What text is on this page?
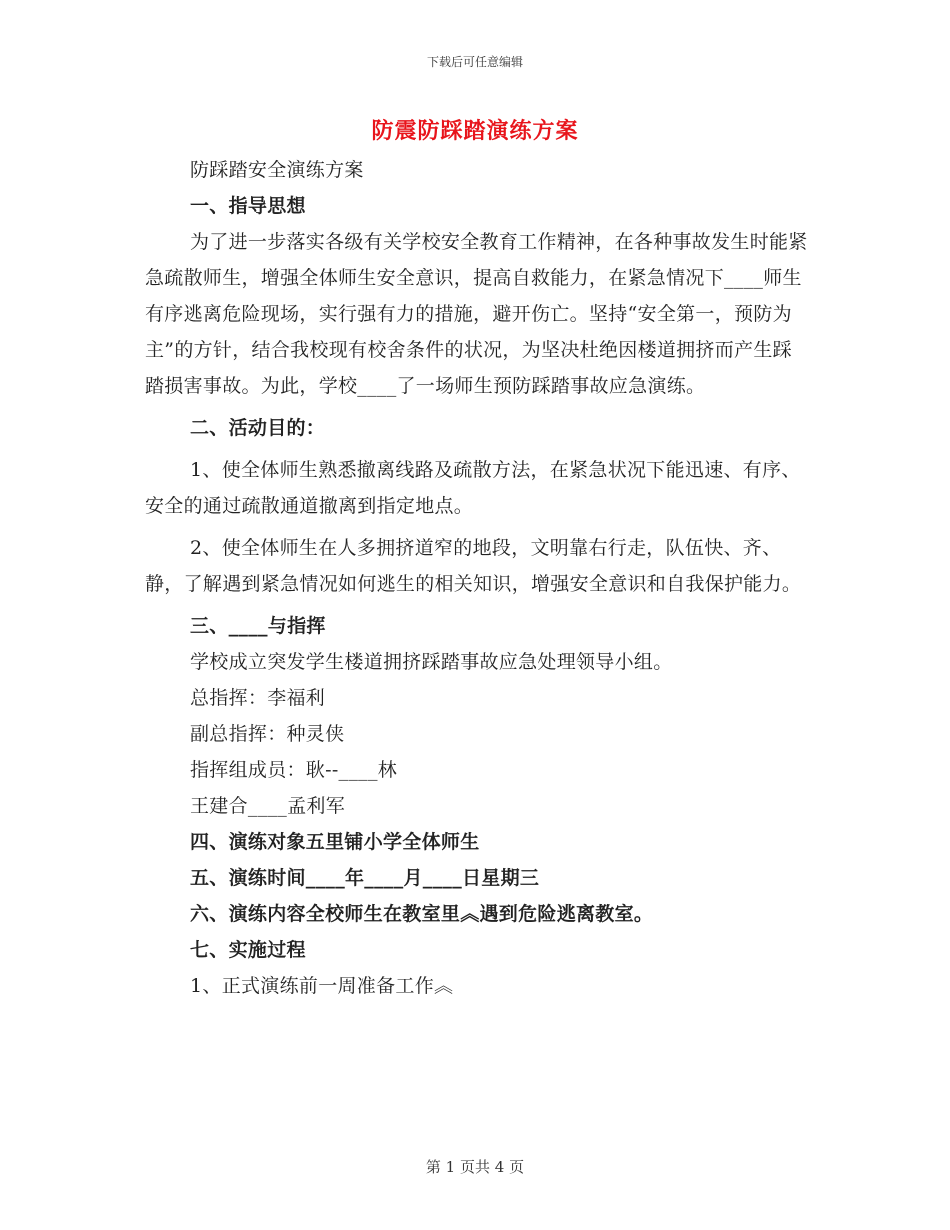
下载后可任意编辑
防震防踩踏演练方案

防踩踏安全演练方案

一、指导思想

为了进一步落实各级有关学校安全教育工作精神，在各种事故发生时能紧急疏散师生，增强全体师生安全意识，提高自救能力，在紧急情况下____师生有序逃离危险现场，实行强有力的措施，避开伤亡。坚持“安全第一，预防为主”的方针，结合我校现有校舍条件的状况，为坚决杜绝因楼道拥挤而产生踩踏损害事故。为此，学校____了一场师生预防踩踏事故应急演练。

二、活动目的：

1、使全体师生熟悉撤离线路及疏散方法，在紧急状况下能迅速、有序、安全的通过疏散通道撤离到指定地点。

2、使全体师生在人多拥挤道窄的地段，文明靠右行走，队伍快、齐、静，了解遇到紧急情况如何逃生的相关知识，增强安全意识和自我保护能力。

三、____与指挥

学校成立突发学生楼道拥挤踩踏事故应急处理领导小组。

总指挥：李福利

副总指挥：种灵侠

指挥组成员：耿--____林

王建合____孟利军

四、演练对象五里铺小学全体师生

五、演练时间____年____月____日星期三

六、演练内容全校师生在教室里︽遇到危险逃离教室。

七、实施过程

1、正式演练前一周准备工作︽

第 1 页共 4 页
